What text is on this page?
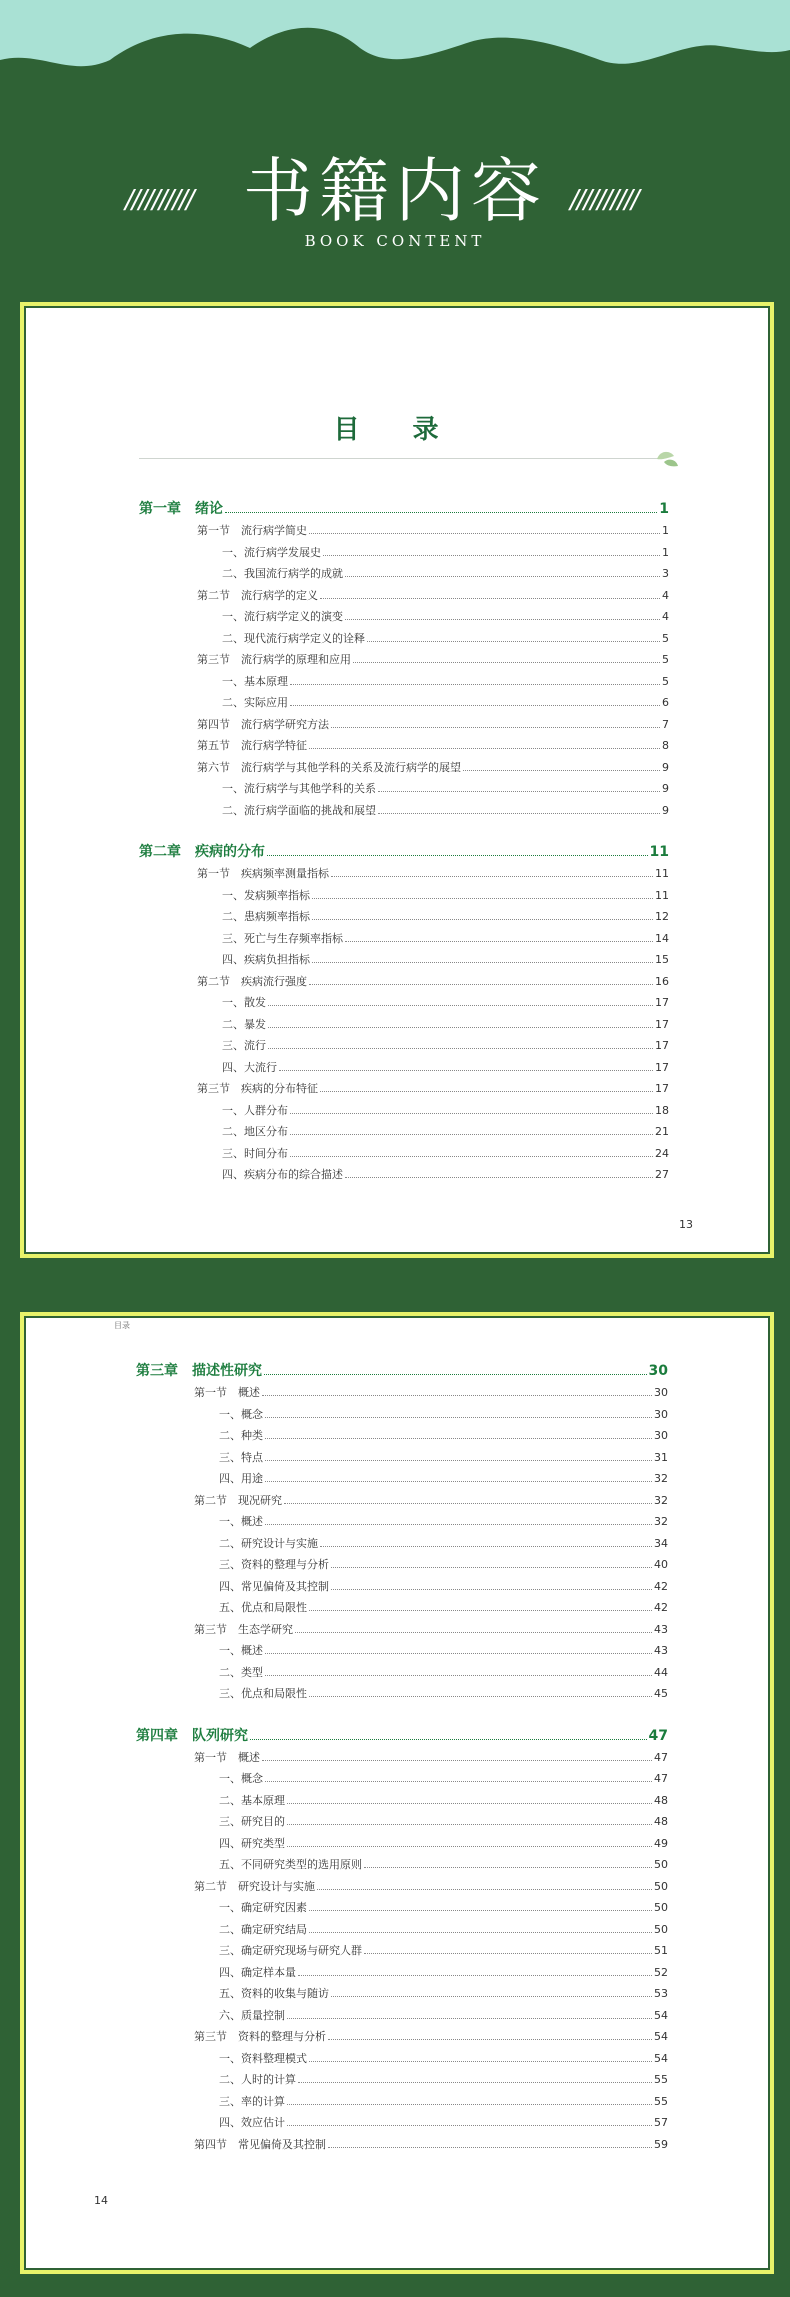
//////////	//////////
书籍内容
BOOK CONTENT
目 录
第一章　绪论	1
第一节　流行病学简史	1
一、流行病学发展史	1
二、我国流行病学的成就	3
第二节　流行病学的定义	4
一、流行病学定义的演变	4
二、现代流行病学定义的诠释	5
第三节　流行病学的原理和应用	5
一、基本原理	5
二、实际应用	6
第四节　流行病学研究方法	7
第五节　流行病学特征	8
第六节　流行病学与其他学科的关系及流行病学的展望	9
一、流行病学与其他学科的关系	9
二、流行病学面临的挑战和展望	9
第二章　疾病的分布	11
第一节　疾病频率测量指标	11
一、发病频率指标	11
二、患病频率指标	12
三、死亡与生存频率指标	14
四、疾病负担指标	15
第二节　疾病流行强度	16
一、散发	17
二、暴发	17
三、流行	17
四、大流行	17
第三节　疾病的分布特征	17
一、人群分布	18
二、地区分布	21
三、时间分布	24
四、疾病分布的综合描述	27
13
目录
第三章　描述性研究	30
第一节　概述	30
一、概念	30
二、种类	30
三、特点	31
四、用途	32
第二节　现况研究	32
一、概述	32
二、研究设计与实施	34
三、资料的整理与分析	40
四、常见偏倚及其控制	42
五、优点和局限性	42
第三节　生态学研究	43
一、概述	43
二、类型	44
三、优点和局限性	45
第四章　队列研究	47
第一节　概述	47
一、概念	47
二、基本原理	48
三、研究目的	48
四、研究类型	49
五、不同研究类型的选用原则	50
第二节　研究设计与实施	50
一、确定研究因素	50
二、确定研究结局	50
三、确定研究现场与研究人群	51
四、确定样本量	52
五、资料的收集与随访	53
六、质量控制	54
第三节　资料的整理与分析	54
一、资料整理模式	54
二、人时的计算	55
三、率的计算	55
四、效应估计	57
第四节　常见偏倚及其控制	59
14
